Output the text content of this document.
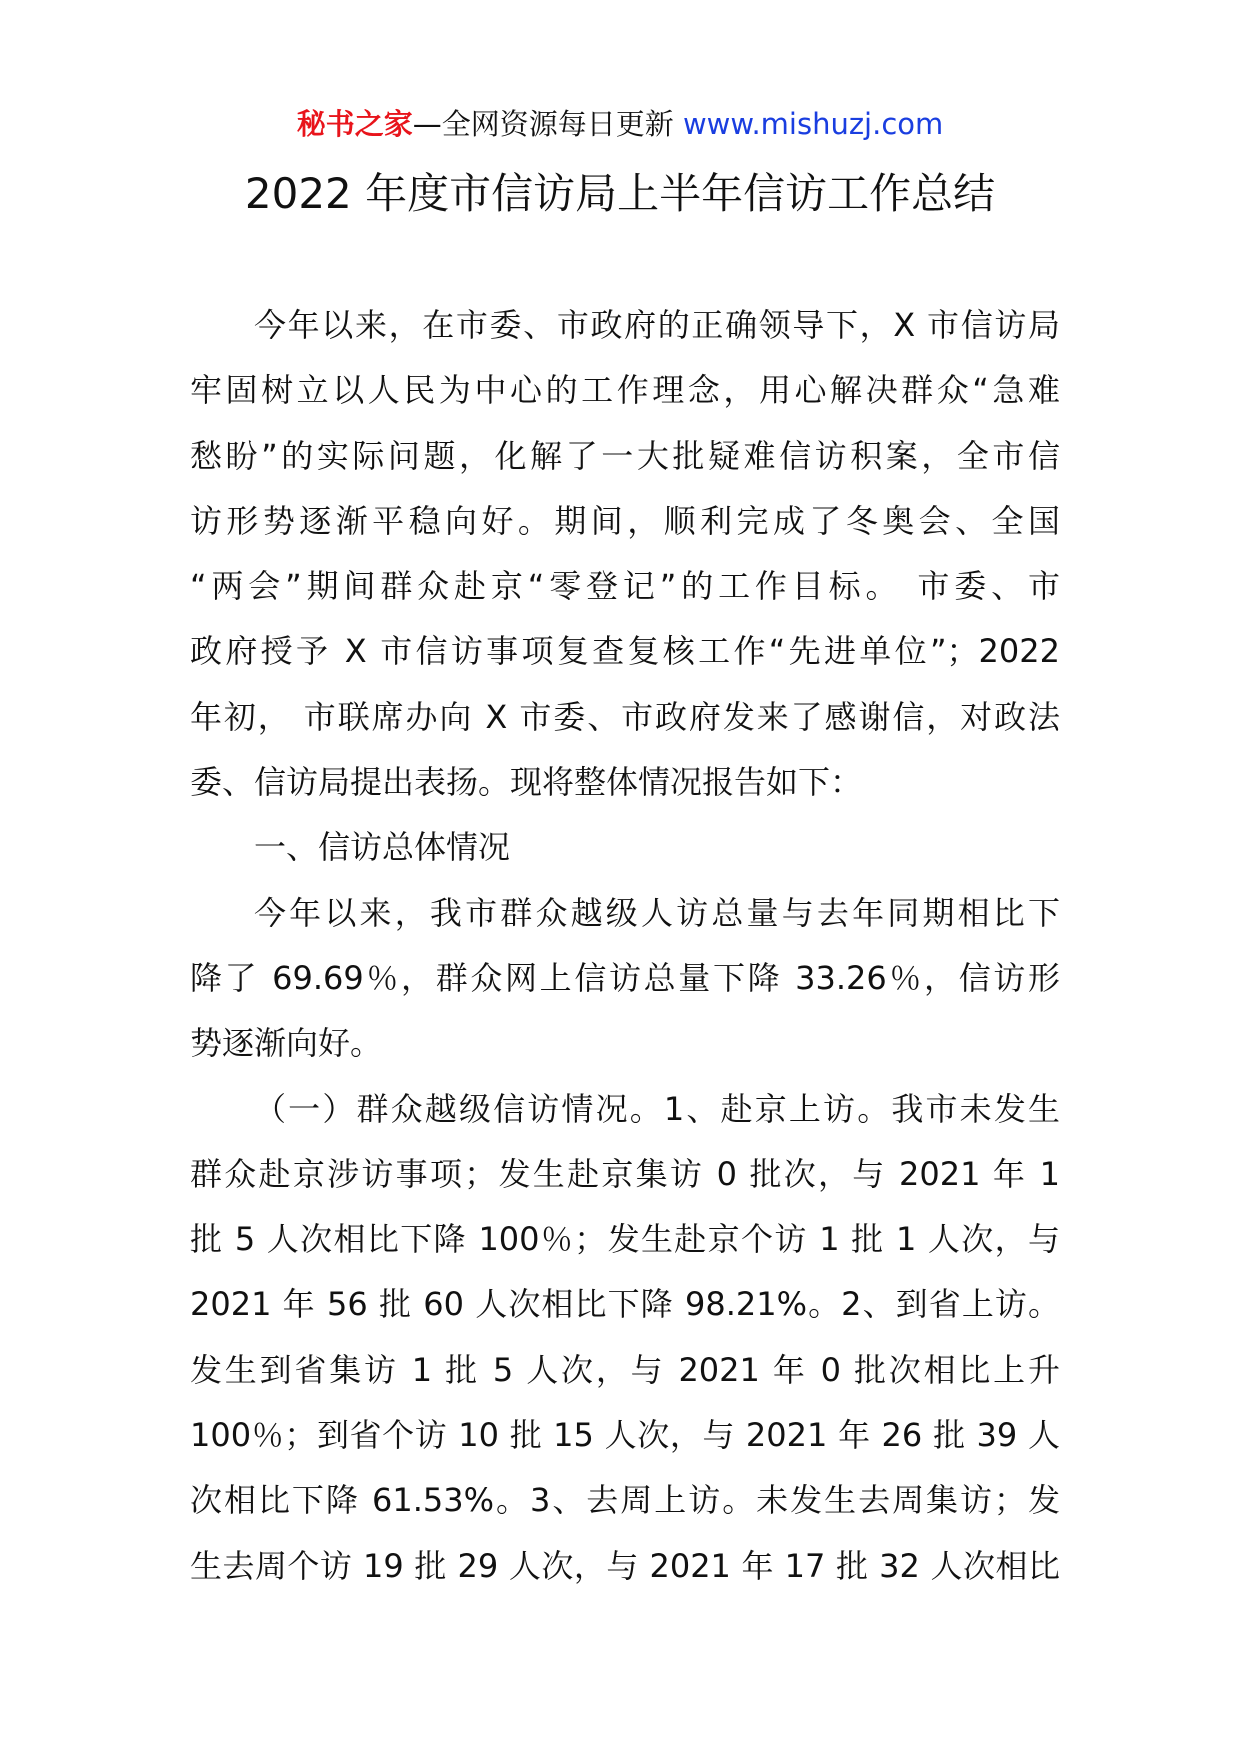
秘书之家—全网资源每日更新 www.mishuzj.com
2022 年度市信访局上半年信访工作总结
今年以来，在市委、市政府的正确领导下，X 市信访局
牢固树立以人民为中心的工作理念，用心解决群众“急难
愁盼”的实际问题，化解了一大批疑难信访积案，全市信
访形势逐渐平稳向好。期间，顺利完成了冬奥会、全国
“两会”期间群众赴京“零登记”的工作目标。 市委、市
政府授予 X 市信访事项复查复核工作“先进单位”；2022
年初， 市联席办向 X 市委、市政府发来了感谢信，对政法
委、信访局提出表扬。现将整体情况报告如下：
一、信访总体情况
今年以来，我市群众越级人访总量与去年同期相比下
降了 69.69％，群众网上信访总量下降 33.26％，信访形
势逐渐向好。
（一）群众越级信访情况。1、赴京上访。我市未发生
群众赴京涉访事项；发生赴京集访 0 批次，与 2021 年 1
批 5 人次相比下降 100％；发生赴京个访 1 批 1 人次，与
2021 年 56 批 60 人次相比下降 98.21%。2、到省上访。
发生到省集访 1 批 5 人次，与 2021 年 0 批次相比上升
100％；到省个访 10 批 15 人次，与 2021 年 26 批 39 人
次相比下降 61.53%。3、去周上访。未发生去周集访；发
生去周个访 19 批 29 人次，与 2021 年 17 批 32 人次相比
